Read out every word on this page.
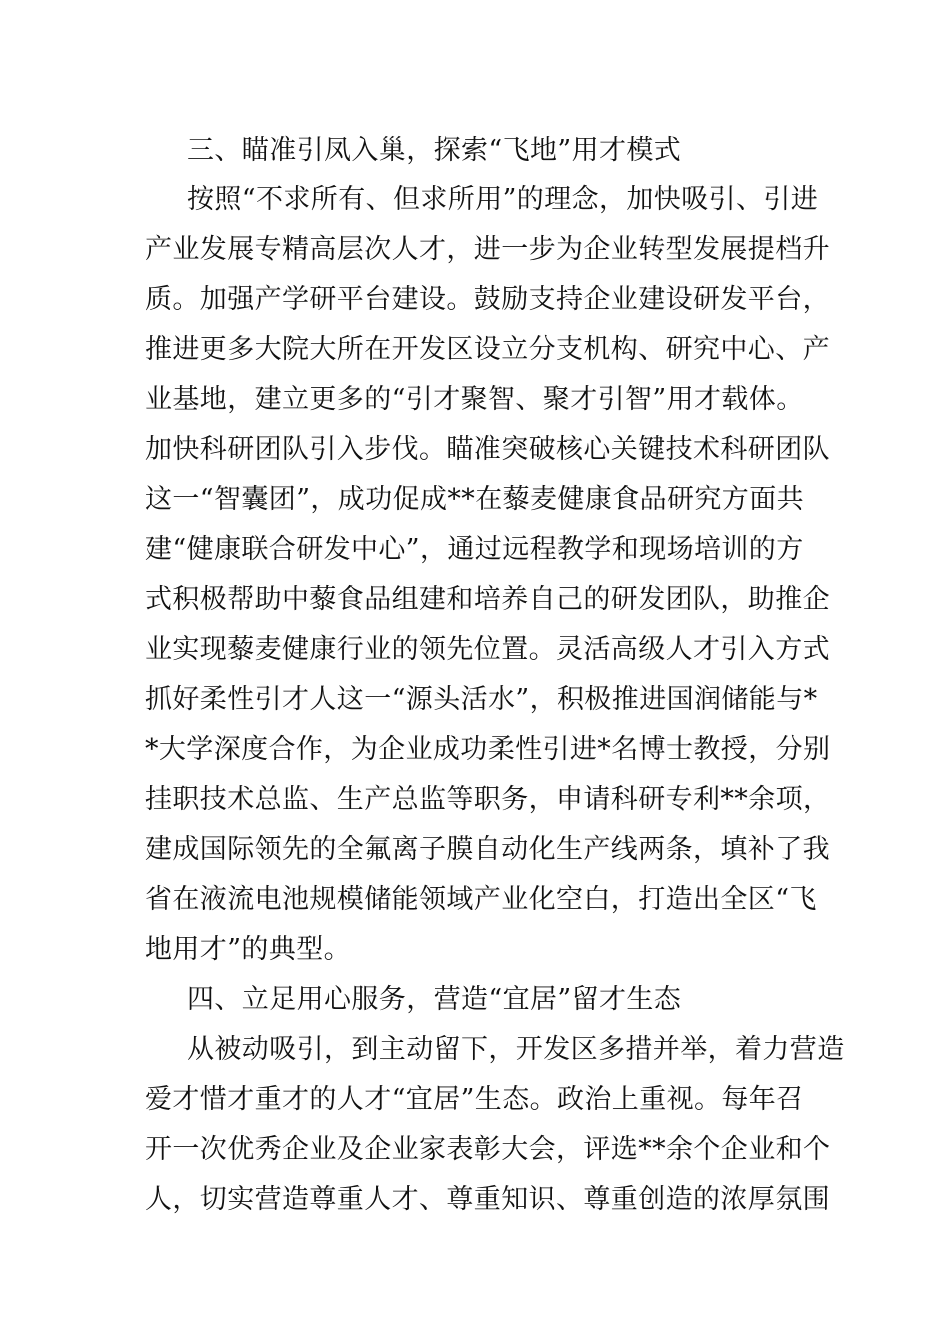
三、瞄准引凤入巢，探索“飞地”用才模式
按照“不求所有、但求所用”的理念，加快吸引、引进
产业发展专精高层次人才，进一步为企业转型发展提档升
质。加强产学研平台建设。鼓励支持企业建设研发平台，
推进更多大院大所在开发区设立分支机构、研究中心、产
业基地，建立更多的“引才聚智、聚才引智”用才载体。
加快科研团队引入步伐。瞄准突破核心关键技术科研团队
这一“智囊团”，成功促成**在藜麦健康食品研究方面共
建“健康联合研发中心”，通过远程教学和现场培训的方
式积极帮助中藜食品组建和培养自己的研发团队，助推企
业实现藜麦健康行业的领先位置。灵活高级人才引入方式
抓好柔性引才人这一“源头活水”，积极推进国润储能与*
*大学深度合作，为企业成功柔性引进*名博士教授，分别
挂职技术总监、生产总监等职务，申请科研专利**余项，
建成国际领先的全氟离子膜自动化生产线两条，填补了我
省在液流电池规模储能领域产业化空白，打造出全区“飞
地用才”的典型。
四、立足用心服务，营造“宜居”留才生态
从被动吸引，到主动留下，开发区多措并举，着力营造
爱才惜才重才的人才“宜居”生态。政治上重视。每年召
开一次优秀企业及企业家表彰大会，评选**余个企业和个
人，切实营造尊重人才、尊重知识、尊重创造的浓厚氛围
